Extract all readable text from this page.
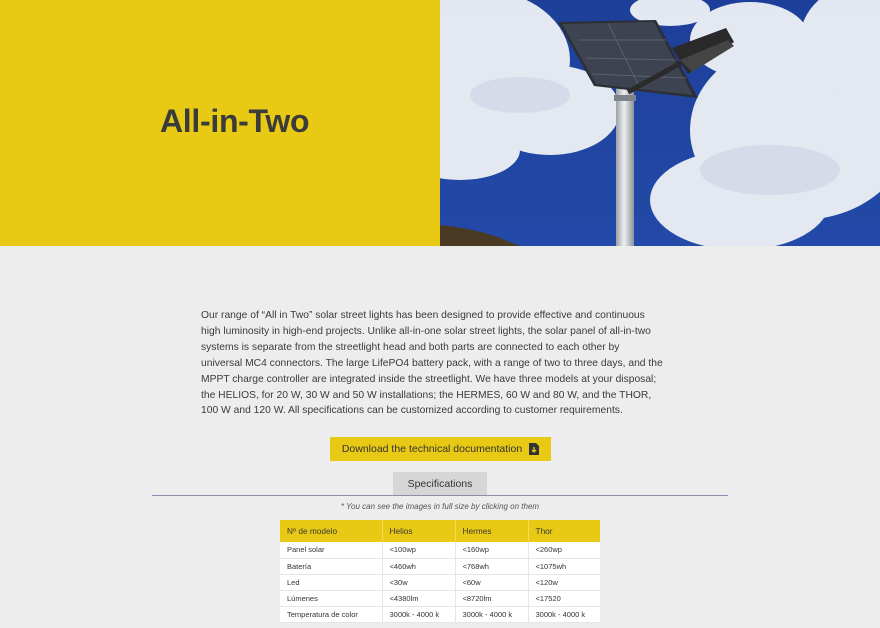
All-in-Two

Our range of “All in Two” solar street lights has been designed to provide effective and continuous high luminosity in high-end projects. Unlike all-in-one solar street lights, the solar panel of all-in-two systems is separate from the streetlight head and both parts are connected to each other by universal MC4 connectors. The large LifePO4 battery pack, with a range of two to three days, and the MPPT charge controller are integrated inside the streetlight. We have three models at your disposal; the HELIOS, for 20 W, 30 W and 50 W installations; the HERMES, 60 W and 80 W, and the THOR, 100 W and 120 W. All specifications can be customized according to customer requirements.

Download the technical documentation
Specifications

* You can see the images in full size by clicking on them

Nº de modelo	Helios	Hermes	Thor
Panel solar	<100wp	<160wp	<260wp
Batería	<460wh	<768wh	<1075wh
Led	<30w	<60w	<120w
Lúmenes	<4380lm	<8720lm	<17520
Temperatura de color	3000k - 4000 k	3000k - 4000 k	3000k - 4000 k
